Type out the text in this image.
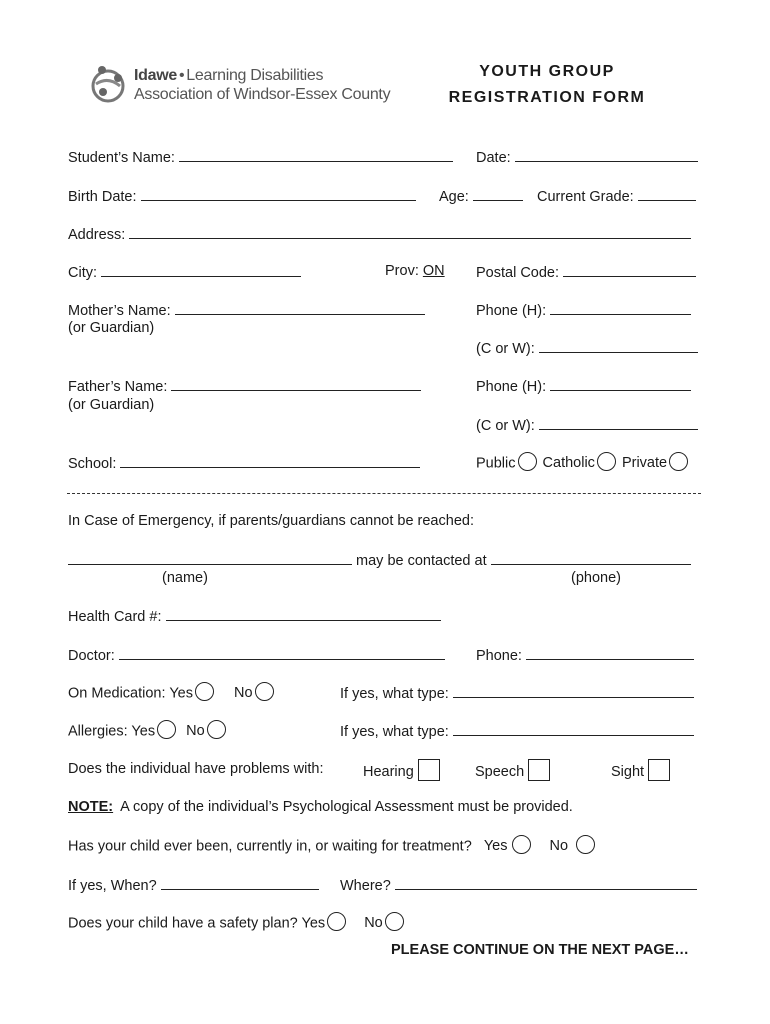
Idawe • Learning Disabilities
Association of Windsor-Essex County
YOUTH GROUP
REGISTRATION FORM
Student’s Name:	Date:
Birth Date:	Age:	Current Grade:
Address:
City:	Prov: ON Postal Code:
Mother’s Name:
(or Guardian)
Phone (H):
(C or W):
Father’s Name:
(or Guardian)
Phone (H):
(C or W):
School:	Public Catholic Private
In Case of Emergency, if parents/guardians cannot be reached:
may be contacted at
(name)	(phone)
Health Card #:
Doctor:	Phone:
On Medication: Yes	No	If yes, what type:
Allergies: Yes No	If yes, what type:
Does the individual have problems with:	Hearing	Speech	Sight
NOTE: A copy of the individual’s Psychological Assessment must be provided.
Has your child ever been, currently in, or waiting for treatment? Yes	No
If yes, When?	Where?
Does your child have a safety plan? Yes	No
PLEASE CONTINUE ON THE NEXT PAGE…
